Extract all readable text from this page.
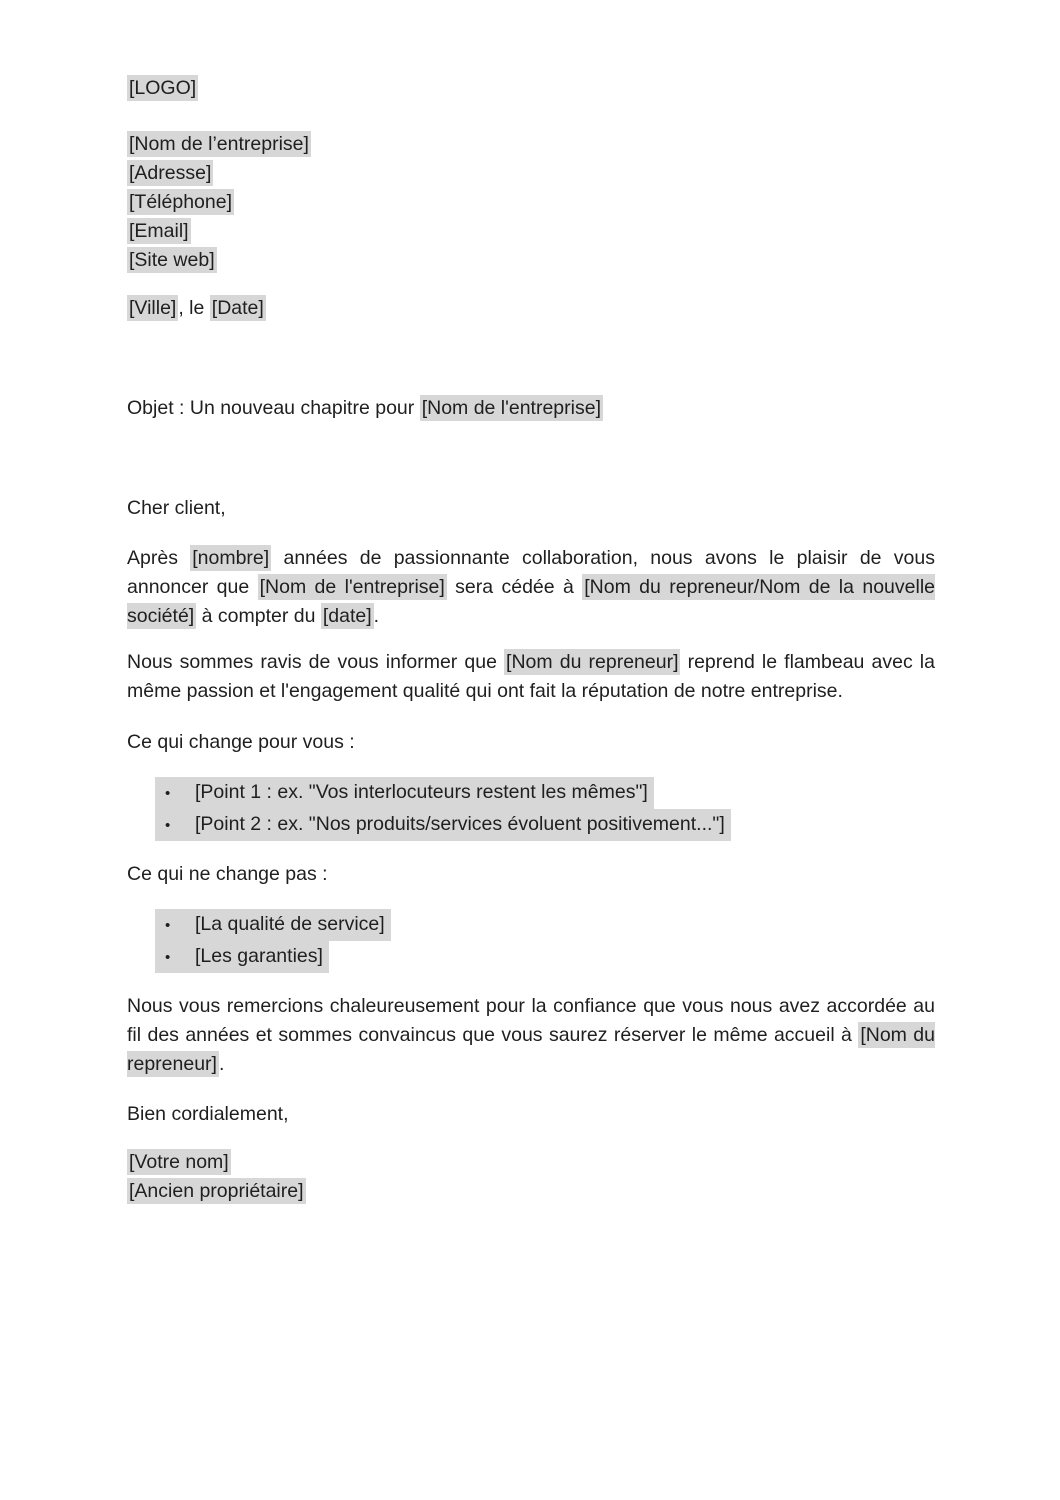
[LOGO]

[Nom de l’entreprise]
[Adresse]
[Téléphone]
[Email]
[Site web]

[Ville] , le [Date]

Objet : Un nouveau chapitre pour [Nom de l'entreprise]

Cher client,

Après [nombre] années de passionnante collaboration, nous avons le plaisir de vous annoncer que [Nom de l'entreprise] sera cédée à [Nom du repreneur/Nom de la nouvelle société] à compter du [date] .

Nous sommes ravis de vous informer que [Nom du repreneur] reprend le flambeau avec la même passion et l'engagement qualité qui ont fait la réputation de notre entreprise.

Ce qui change pour vous :

• [Point 1 : ex. "Vos interlocuteurs restent les mêmes"]
• [Point 2 : ex. "Nos produits/services évoluent positivement..."]

Ce qui ne change pas :

• [La qualité de service]
• [Les garanties]

Nous vous remercions chaleureusement pour la confiance que vous nous avez accordée au fil des années et sommes convaincus que vous saurez réserver le même accueil à [Nom du repreneur] .

Bien cordialement,

[Votre nom]
[Ancien propriétaire]
